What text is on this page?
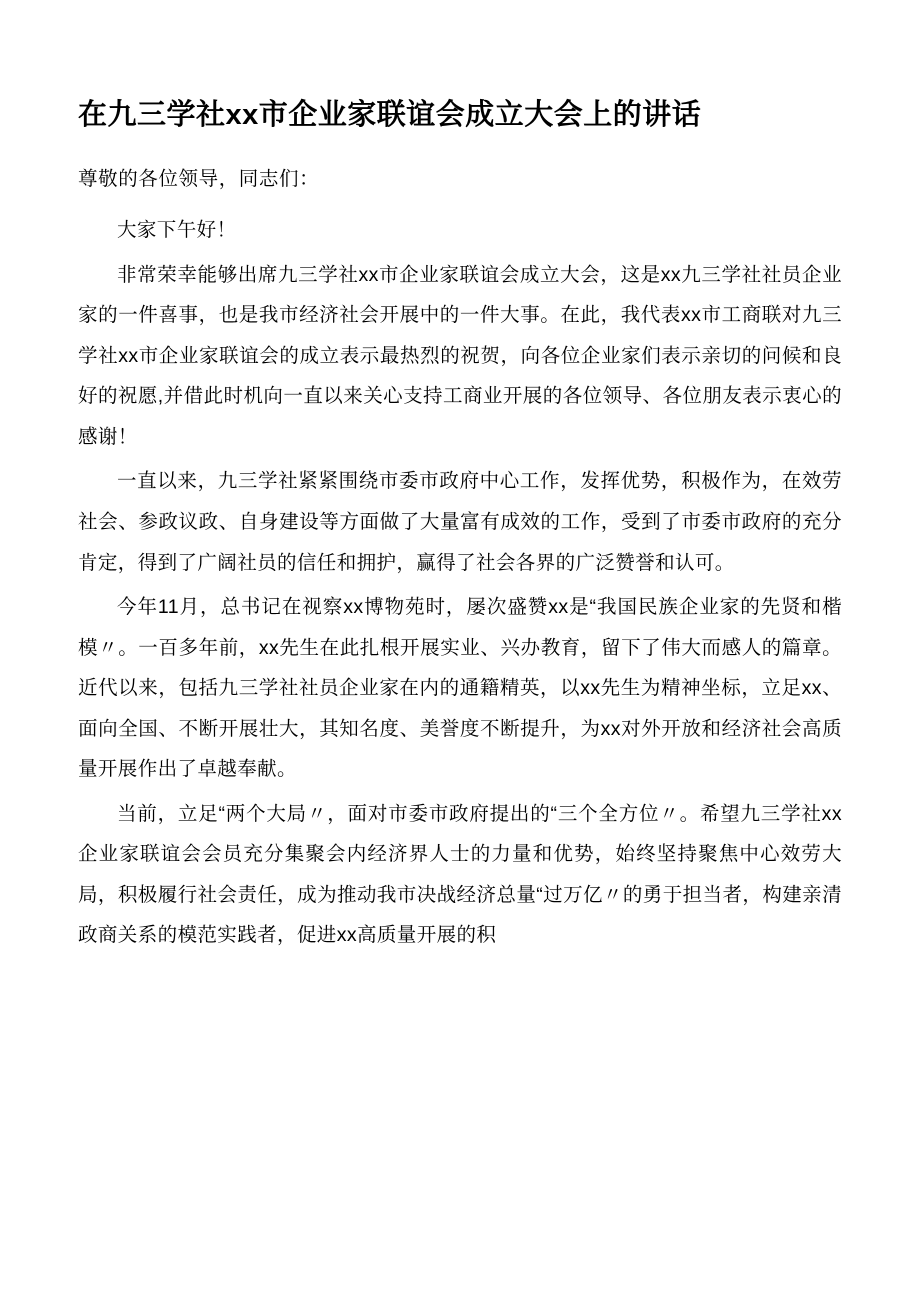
在九三学社xx市企业家联谊会成立大会上的讲话

尊敬的各位领导，同志们：

大家下午好！

非常荣幸能够出席九三学社xx市企业家联谊会成立大会，这是xx九三学社社员企业家的一件喜事，也是我市经济社会开展中的一件大事。在此，我代表xx市工商联对九三学社xx市企业家联谊会的成立表示最热烈的祝贺，向各位企业家们表示亲切的问候和良好的祝愿,并借此时机向一直以来关心支持工商业开展的各位领导、各位朋友表示衷心的感谢！

一直以来，九三学社紧紧围绕市委市政府中心工作，发挥优势，积极作为，在效劳社会、参政议政、自身建设等方面做了大量富有成效的工作，受到了市委市政府的充分肯定，得到了广阔社员的信任和拥护，赢得了社会各界的广泛赞誉和认可。

今年11月，总书记在视察xx博物苑时，屡次盛赞xx是“我国民族企业家的先贤和楷模〃。一百多年前，xx先生在此扎根开展实业、兴办教育，留下了伟大而感人的篇章。近代以来，包括九三学社社员企业家在内的通籍精英，以xx先生为精神坐标，立足xx、面向全国、不断开展壮大，其知名度、美誉度不断提升，为xx对外开放和经济社会高质量开展作出了卓越奉献。

当前，立足“两个大局〃，面对市委市政府提出的“三个全方位〃。希望九三学社xx企业家联谊会会员充分集聚会内经济界人士的力量和优势，始终坚持聚焦中心效劳大局，积极履行社会责任，成为推动我市决战经济总量“过万亿〃的勇于担当者，构建亲清政商关系的模范实践者，促进xx高质量开展的积
